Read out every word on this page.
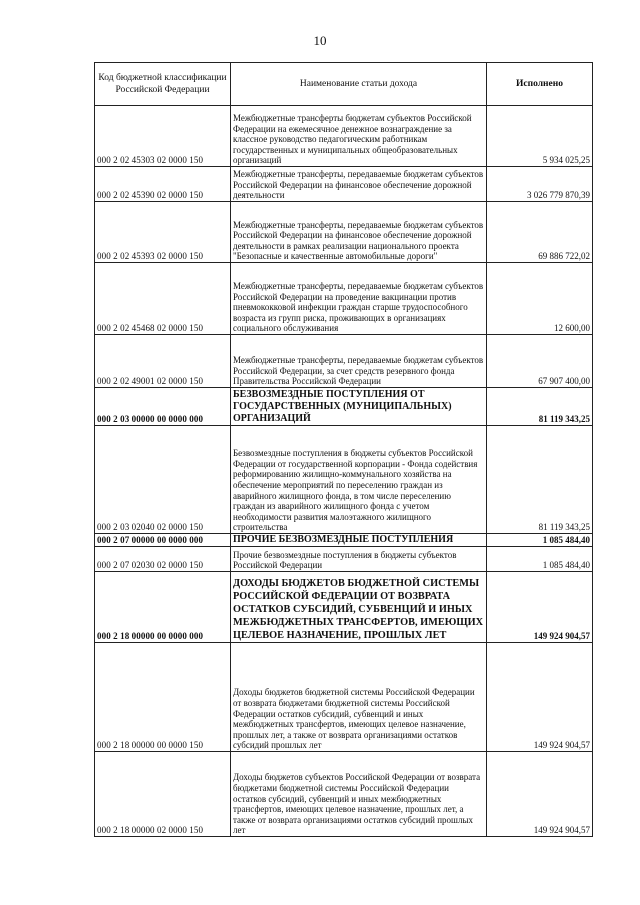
10
Код бюджетной классификации Российской Федерации	Наименование статьи дохода	Исполнено
000 2 02 45303 02 0000 150	Межбюджетные трансферты бюджетам субъектов Российской Федерации на ежемесячное денежное вознаграждение за классное руководство педагогическим работникам государственных и муниципальных общеобразовательных организаций	5 934 025,25
000 2 02 45390 02 0000 150	Межбюджетные трансферты, передаваемые бюджетам субъектов Российской Федерации на финансовое обеспечение дорожной деятельности	3 026 779 870,39
000 2 02 45393 02 0000 150	Межбюджетные трансферты, передаваемые бюджетам субъектов Российской Федерации на финансовое обеспечение дорожной деятельности в рамках реализации национального проекта "Безопасные и качественные автомобильные дороги"	69 886 722,02
000 2 02 45468 02 0000 150	Межбюджетные трансферты, передаваемые бюджетам субъектов Российской Федерации на проведение вакцинации против пневмококковой инфекции граждан старше трудоспособного возраста из групп риска, проживающих в организациях социального обслуживания	12 600,00
000 2 02 49001 02 0000 150	Межбюджетные трансферты, передаваемые бюджетам субъектов Российской Федерации, за счет средств резервного фонда Правительства Российской Федерации	67 907 400,00
000 2 03 00000 00 0000 000	БЕЗВОЗМЕЗДНЫЕ ПОСТУПЛЕНИЯ ОТ ГОСУДАРСТВЕННЫХ (МУНИЦИПАЛЬНЫХ) ОРГАНИЗАЦИЙ	81 119 343,25
000 2 03 02040 02 0000 150	Безвозмездные поступления в бюджеты субъектов Российской Федерации от государственной корпорации - Фонда содействия реформированию жилищно-коммунального хозяйства на обеспечение мероприятий по переселению граждан из аварийного жилищного фонда, в том числе переселению граждан из аварийного жилищного фонда с учетом необходимости развития малоэтажного жилищного строительства	81 119 343,25
000 2 07 00000 00 0000 000	ПРОЧИЕ БЕЗВОЗМЕЗДНЫЕ ПОСТУПЛЕНИЯ	1 085 484,40
000 2 07 02030 02 0000 150	Прочие безвозмездные поступления в бюджеты субъектов Российской Федерации	1 085 484,40
000 2 18 00000 00 0000 000	ДОХОДЫ БЮДЖЕТОВ БЮДЖЕТНОЙ СИСТЕМЫ РОССИЙСКОЙ ФЕДЕРАЦИИ ОТ ВОЗВРАТА ОСТАТКОВ СУБСИДИЙ, СУБВЕНЦИЙ И ИНЫХ МЕЖБЮДЖЕТНЫХ ТРАНСФЕРТОВ, ИМЕЮЩИХ ЦЕЛЕВОЕ НАЗНАЧЕНИЕ, ПРОШЛЫХ ЛЕТ	149 924 904,57
000 2 18 00000 00 0000 150	Доходы бюджетов бюджетной системы Российской Федерации от возврата бюджетами бюджетной системы Российской Федерации остатков субсидий, субвенций и иных межбюджетных трансфертов, имеющих целевое назначение, прошлых лет, а также от возврата организациями остатков субсидий прошлых лет	149 924 904,57
000 2 18 00000 02 0000 150	Доходы бюджетов субъектов Российской Федерации от возврата бюджетами бюджетной системы Российской Федерации остатков субсидий, субвенций и иных межбюджетных трансфертов, имеющих целевое назначение, прошлых лет, а также от возврата организациями остатков субсидий прошлых лет	149 924 904,57
